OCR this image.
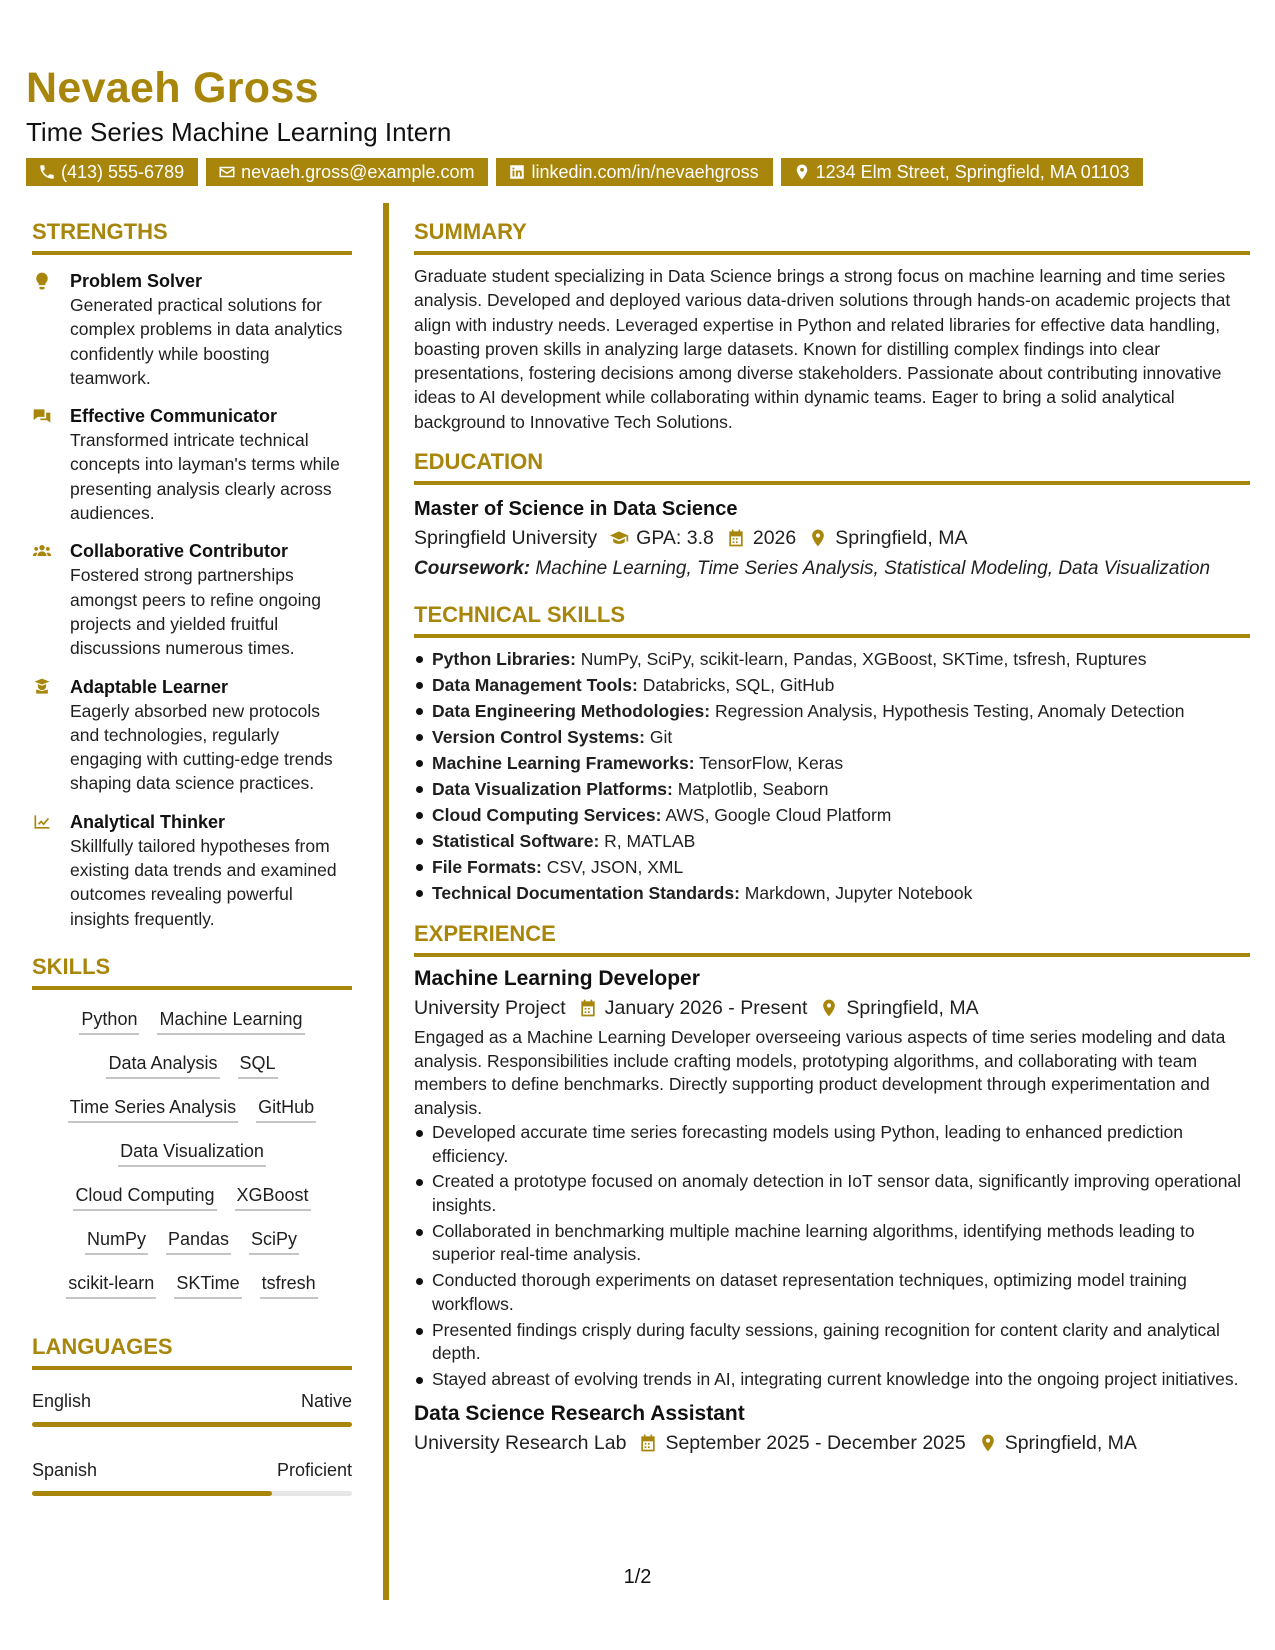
Nevaeh Gross
Time Series Machine Learning Intern
(413) 555-6789	nevaeh.gross@example.com	linkedin.com/in/nevaehgross	1234 Elm Street, Springfield, MA 01103
STRENGTHS
Problem Solver
Generated practical solutions for complex problems in data analytics confidently while boosting teamwork.
Effective Communicator
Transformed intricate technical concepts into layman's terms while presenting analysis clearly across audiences.
Collaborative Contributor
Fostered strong partnerships amongst peers to refine ongoing projects and yielded fruitful discussions numerous times.
Adaptable Learner
Eagerly absorbed new protocols and technologies, regularly engaging with cutting-edge trends shaping data science practices.
Analytical Thinker
Skillfully tailored hypotheses from existing data trends and examined outcomes revealing powerful insights frequently.
SKILLS
Python Machine Learning
Data Analysis SQL
Time Series Analysis GitHub
Data Visualization
Cloud Computing XGBoost
NumPy Pandas SciPy
scikit-learn SKTime tsfresh
LANGUAGES
English	Native
Spanish	Proficient
SUMMARY
Graduate student specializing in Data Science brings a strong focus on machine learning and time series analysis. Developed and deployed various data-driven solutions through hands-on academic projects that align with industry needs. Leveraged expertise in Python and related libraries for effective data handling, boasting proven skills in analyzing large datasets. Known for distilling complex findings into clear presentations, fostering decisions among diverse stakeholders. Passionate about contributing innovative ideas to AI development while collaborating within dynamic teams. Eager to bring a solid analytical background to Innovative Tech Solutions.
EDUCATION
Master of Science in Data Science
Springfield University GPA: 3.8 2026 Springfield, MA
Coursework: Machine Learning, Time Series Analysis, Statistical Modeling, Data Visualization
TECHNICAL SKILLS
Python Libraries: NumPy, SciPy, scikit-learn, Pandas, XGBoost, SKTime, tsfresh, Ruptures
Data Management Tools: Databricks, SQL, GitHub
Data Engineering Methodologies: Regression Analysis, Hypothesis Testing, Anomaly Detection
Version Control Systems: Git
Machine Learning Frameworks: TensorFlow, Keras
Data Visualization Platforms: Matplotlib, Seaborn
Cloud Computing Services: AWS, Google Cloud Platform
Statistical Software: R, MATLAB
File Formats: CSV, JSON, XML
Technical Documentation Standards: Markdown, Jupyter Notebook
EXPERIENCE
Machine Learning Developer
University Project January 2026 - Present Springfield, MA
Engaged as a Machine Learning Developer overseeing various aspects of time series modeling and data analysis. Responsibilities include crafting models, prototyping algorithms, and collaborating with team members to define benchmarks. Directly supporting product development through experimentation and analysis.
Developed accurate time series forecasting models using Python, leading to enhanced prediction efficiency.
Created a prototype focused on anomaly detection in IoT sensor data, significantly improving operational insights.
Collaborated in benchmarking multiple machine learning algorithms, identifying methods leading to superior real-time analysis.
Conducted thorough experiments on dataset representation techniques, optimizing model training workflows.
Presented findings crisply during faculty sessions, gaining recognition for content clarity and analytical depth.
Stayed abreast of evolving trends in AI, integrating current knowledge into the ongoing project initiatives.
Data Science Research Assistant
University Research Lab September 2025 - December 2025 Springfield, MA
1/2
